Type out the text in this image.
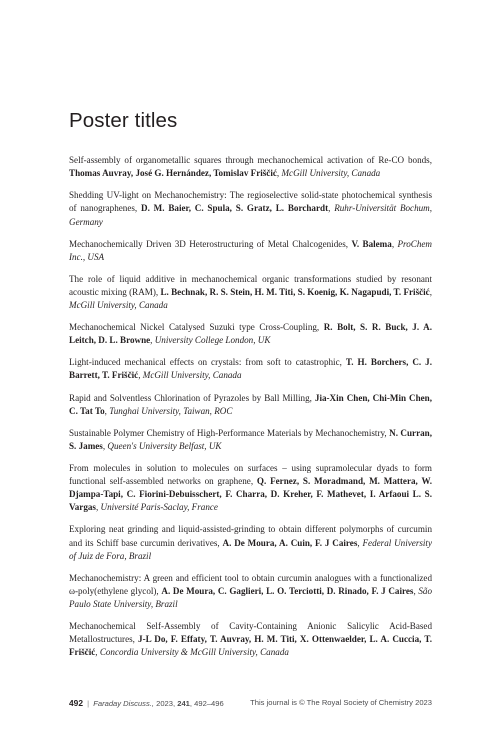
Poster titles

Self-assembly of organometallic squares through mechanochemical activation of Re-CO bonds, Thomas Auvray, José G. Hernández, Tomislav Friščić, McGill University, Canada

Shedding UV-light on Mechanochemistry: The regioselective solid-state photochemical synthesis of nanographenes, D. M. Baier, C. Spula, S. Gratz, L. Borchardt, Ruhr-Universität Bochum, Germany

Mechanochemically Driven 3D Heterostructuring of Metal Chalcogenides, V. Balema, ProChem Inc., USA

The role of liquid additive in mechanochemical organic transformations studied by resonant acoustic mixing (RAM), L. Bechnak, R. S. Stein, H. M. Titi, S. Koenig, K. Nagapudi, T. Friščić, McGill University, Canada

Mechanochemical Nickel Catalysed Suzuki type Cross-Coupling, R. Bolt, S. R. Buck, J. A. Leitch, D. L. Browne, University College London, UK

Light-induced mechanical effects on crystals: from soft to catastrophic, T. H. Borchers, C. J. Barrett, T. Friščić, McGill University, Canada

Rapid and Solventless Chlorination of Pyrazoles by Ball Milling, Jia-Xin Chen, Chi-Min Chen, C. Tat To, Tunghai University, Taiwan, ROC

Sustainable Polymer Chemistry of High-Performance Materials by Mechanochemistry, N. Curran, S. James, Queen's University Belfast, UK

From molecules in solution to molecules on surfaces – using supramolecular dyads to form functional self-assembled networks on graphene, Q. Fernez, S. Moradmand, M. Mattera, W. Djampa-Tapi, C. Fiorini-Debuisschert, F. Charra, D. Kreher, F. Mathevet, I. Arfaoui L. S. Vargas, Université Paris-Saclay, France

Exploring neat grinding and liquid-assisted-grinding to obtain different polymorphs of curcumin and its Schiff base curcumin derivatives, A. De Moura, A. Cuin, F. J Caires, Federal University of Juiz de Fora, Brazil

Mechanochemistry: A green and efficient tool to obtain curcumin analogues with a functionalized ω-poly(ethylene glycol), A. De Moura, C. Gaglieri, L. O. Terciotti, D. Rinado, F. J Caires, São Paulo State University, Brazil

Mechanochemical Self-Assembly of Cavity-Containing Anionic Salicylic Acid-Based Metallostructures, J-L Do, F. Effaty, T. Auvray, H. M. Titi, X. Ottenwaelder, L. A. Cuccia, T. Friščić, Concordia University & McGill University, Canada

492 | Faraday Discuss., 2023, 241, 492–496	This journal is © The Royal Society of Chemistry 2023
